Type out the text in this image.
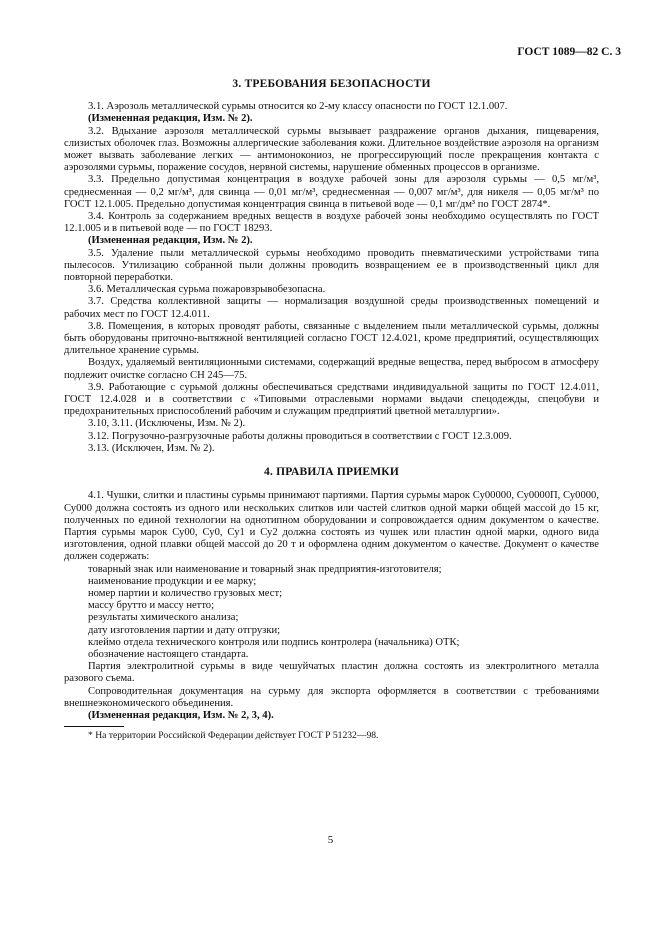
ГОСТ 1089—82 С. 3
3. ТРЕБОВАНИЯ БЕЗОПАСНОСТИ

3.1. Аэрозоль металлической сурьмы относится ко 2-му классу опасности по ГОСТ 12.1.007.

(Измененная редакция, Изм. № 2).

3.2. Вдыхание аэрозоля металлической сурьмы вызывает раздражение органов дыхания, пищеварения, слизистых оболочек глаз. Возможны аллергические заболевания кожи. Длительное воздействие аэрозоля на организм может вызвать заболевание легких — антимонокониоз, не прогрессирующий после прекращения контакта с аэрозолями сурьмы, поражение сосудов, нервной системы, нарушение обменных процессов в организме.

3.3. Предельно допустимая концентрация в воздухе рабочей зоны для аэрозоля сурьмы — 0,5 мг/м³, среднесменная — 0,2 мг/м³, для свинца — 0,01 мг/м³, среднесменная — 0,007 мг/м³, для никеля — 0,05 мг/м³ по ГОСТ 12.1.005. Предельно допустимая концентрация свинца в питьевой воде — 0,1 мг/дм³ по ГОСТ 2874*.

3.4. Контроль за содержанием вредных веществ в воздухе рабочей зоны необходимо осуществлять по ГОСТ 12.1.005 и в питьевой воде — по ГОСТ 18293.

(Измененная редакция, Изм. № 2).

3.5. Удаление пыли металлической сурьмы необходимо проводить пневматическими устройствами типа пылесосов. Утилизацию собранной пыли должны проводить возвращением ее в производственный цикл для повторной переработки.

3.6. Металлическая сурьма пожаровзрывобезопасна.

3.7. Средства коллективной защиты — нормализация воздушной среды производственных помещений и рабочих мест по ГОСТ 12.4.011.

3.8. Помещения, в которых проводят работы, связанные с выделением пыли металлической сурьмы, должны быть оборудованы приточно-вытяжной вентиляцией согласно ГОСТ 12.4.021, кроме предприятий, осуществляющих длительное хранение сурьмы.

Воздух, удаляемый вентиляционными системами, содержащий вредные вещества, перед выбросом в атмосферу подлежит очистке согласно СН 245—75.

3.9. Работающие с сурьмой должны обеспечиваться средствами индивидуальной защиты по ГОСТ 12.4.011, ГОСТ 12.4.028 и в соответствии с «Типовыми отраслевыми нормами выдачи спецодежды, спецобуви и предохранительных приспособлений рабочим и служащим предприятий цветной металлургии».

3.10, 3.11. (Исключены, Изм. № 2).

3.12. Погрузочно-разгрузочные работы должны проводиться в соответствии с ГОСТ 12.3.009.

3.13. (Исключен, Изм. № 2).

4. ПРАВИЛА ПРИЕМКИ

4.1. Чушки, слитки и пластины сурьмы принимают партиями. Партия сурьмы марок Су00000, Су0000П, Су0000, Су000 должна состоять из одного или нескольких слитков или частей слитков одной марки общей массой до 15 кг, полученных по единой технологии на однотипном оборудовании и сопровождается одним документом о качестве. Партия сурьмы марок Су00, Су0, Су1 и Су2 должна состоять из чушек или пластин одной марки, одного вида изготовления, одной плавки общей массой до 20 т и оформлена одним документом о качестве. Документ о качестве должен содержать:

товарный знак или наименование и товарный знак предприятия-изготовителя;

наименование продукции и ее марку;

номер партии и количество грузовых мест;

массу брутто и массу нетто;

результаты химического анализа;

дату изготовления партии и дату отгрузки;

клеймо отдела технического контроля или подпись контролера (начальника) ОТК;

обозначение настоящего стандарта.

Партия электролитной сурьмы в виде чешуйчатых пластин должна состоять из электролитного металла разового съема.

Сопроводительная документация на сурьму для экспорта оформляется в соответствии с требованиями внешнеэкономического объединения.

(Измененная редакция, Изм. № 2, 3, 4).

* На территории Российской Федерации действует ГОСТ Р 51232—98.

5
